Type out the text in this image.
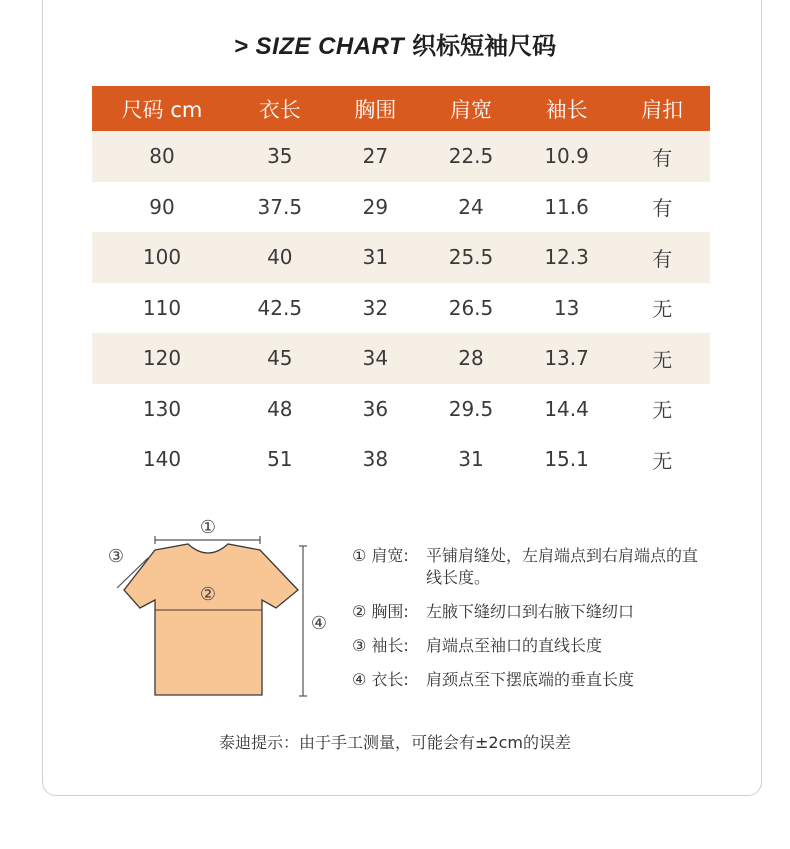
> SIZE CHART 织标短袖尺码
尺码 cm	衣长	胸围	肩宽	袖长	肩扣
80	35	27	22.5	10.9	有
90	37.5	29	24	11.6	有
100	40	31	25.5	12.3	有
110	42.5	32	26.5	13	无
120	45	34	28	13.7	无
130	48	36	29.5	14.4	无
140	51	38	31	15.1	无
①
③
②
④
① 肩宽:	平铺肩缝处，左肩端点到右肩端点的直线长度。
② 胸围:	左腋下缝纫口到右腋下缝纫口
③ 袖长:	肩端点至袖口的直线长度
④ 衣长:	肩颈点至下摆底端的垂直长度
泰迪提示：由于手工测量，可能会有±2cm的误差
